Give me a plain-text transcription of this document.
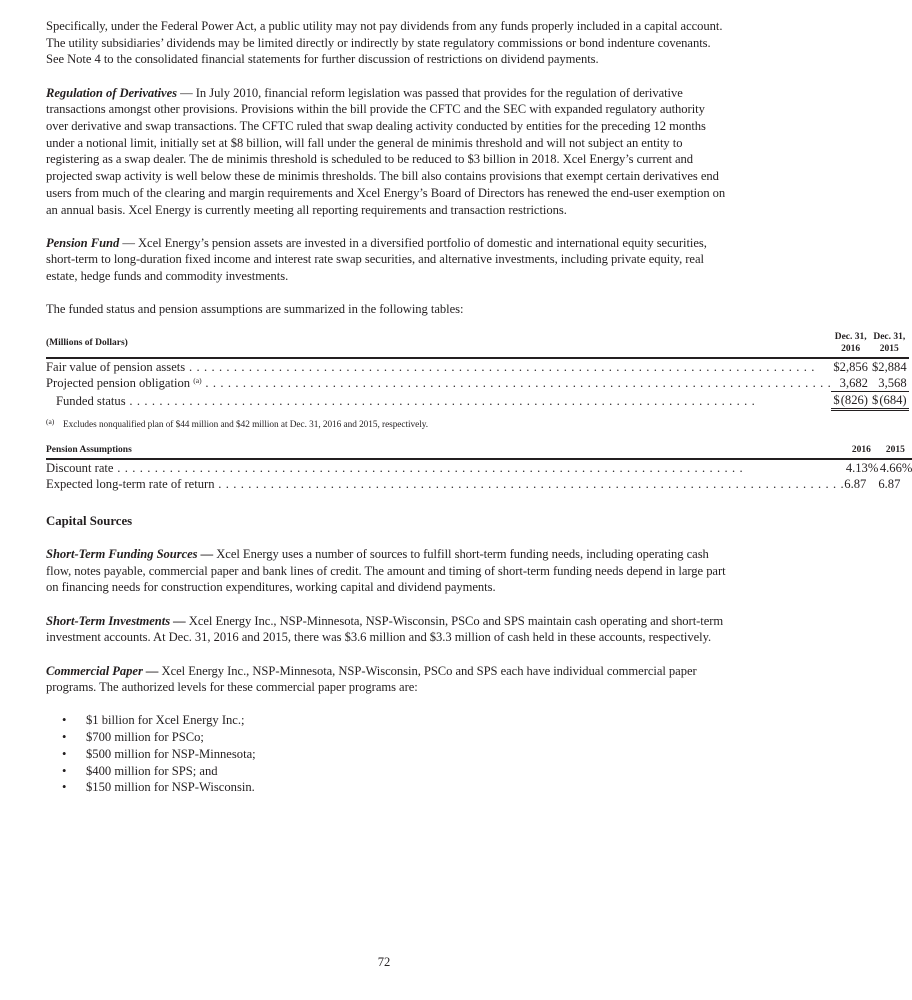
Specifically, under the Federal Power Act, a public utility may not pay dividends from any funds properly included in a capital account. The utility subsidiaries’ dividends may be limited directly or indirectly by state regulatory commissions or bond indenture covenants. See Note 4 to the consolidated financial statements for further discussion of restrictions on dividend payments.

Regulation of Derivatives — In July 2010, financial reform legislation was passed that provides for the regulation of derivative transactions amongst other provisions. Provisions within the bill provide the CFTC and the SEC with expanded regulatory authority over derivative and swap transactions. The CFTC ruled that swap dealing activity conducted by entities for the preceding 12 months under a notional limit, initially set at $8 billion, will fall under the general de minimis threshold and will not subject an entity to registering as a swap dealer. The de minimis threshold is scheduled to be reduced to $3 billion in 2018. Xcel Energy’s current and projected swap activity is well below these de minimis thresholds. The bill also contains provisions that exempt certain derivatives end users from much of the clearing and margin requirements and Xcel Energy’s Board of Directors has renewed the end-user exemption on an annual basis. Xcel Energy is currently meeting all reporting requirements and transaction restrictions.

Pension Fund — Xcel Energy’s pension assets are invested in a diversified portfolio of domestic and international equity securities, short-term to long-duration fixed income and interest rate swap securities, and alternative investments, including private equity, real estate, hedge funds and commodity investments.

The funded status and pension assumptions are summarized in the following tables:

(Millions of Dollars)		Dec. 31, 2016		Dec. 31, 2015	

Fair value of pension assets . . .		$	2,856		$	2,884

Projected pension obligation $^{(a)}$ . . .			3,682			3,568

Funded status . . .		$	(826)		$	(684)

(a) Excludes nonqualified plan of $44 million and $42 million at Dec. 31, 2016 and 2015, respectively.

Pension Assumptions		2016		2015

Discount rate . . .		4.13%		4.66%

Expected long-term rate of return . . .		6.87		6.87
Capital Sources

Short-Term Funding Sources — Xcel Energy uses a number of sources to fulfill short-term funding needs, including operating cash flow, notes payable, commercial paper and bank lines of credit. The amount and timing of short-term funding needs depend in large part on financing needs for construction expenditures, working capital and dividend payments.

Short-Term Investments — Xcel Energy Inc., NSP-Minnesota, NSP-Wisconsin, PSCo and SPS maintain cash operating and short-term investment accounts. At Dec. 31, 2016 and 2015, there was $3.6 million and $3.3 million of cash held in these accounts, respectively.

Commercial Paper — Xcel Energy Inc., NSP-Minnesota, NSP-Wisconsin, PSCo and SPS each have individual commercial paper programs. The authorized levels for these commercial paper programs are:

• $1 billion for Xcel Energy Inc.;
• $700 million for PSCo;
• $500 million for NSP-Minnesota;
• $400 million for SPS; and
• $150 million for NSP-Wisconsin.
72
